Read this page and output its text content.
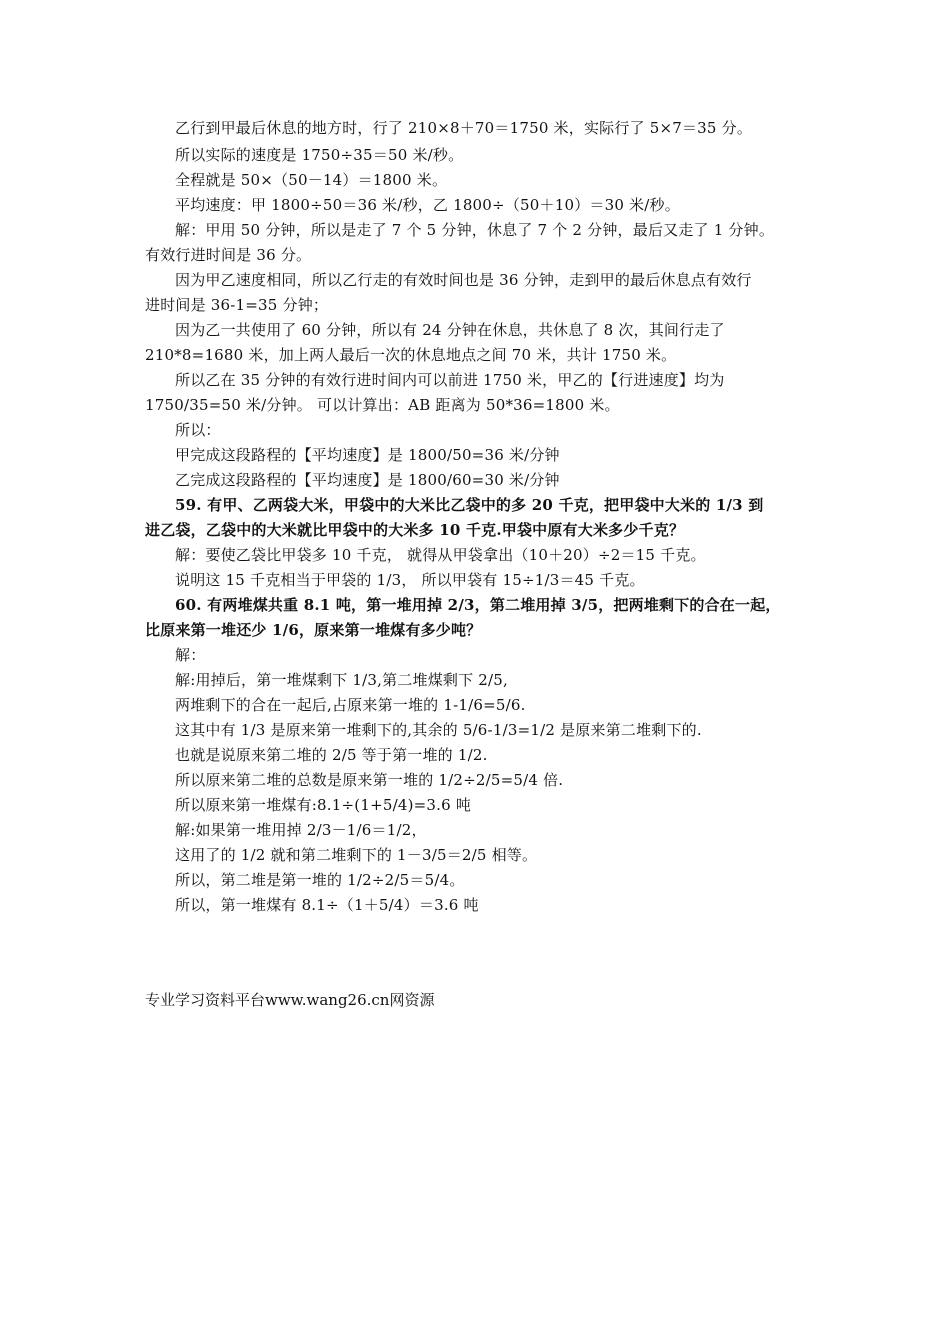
乙行到甲最后休息的地方时，行了 210×8＋70＝1750 米，实际行了 5×7＝35 分。
所以实际的速度是 1750÷35＝50 米/秒。
全程就是 50×（50－14）＝1800 米。
平均速度：甲 1800÷50＝36 米/秒，乙 1800÷（50＋10）＝30 米/秒。
解：甲用 50 分钟，所以是走了 7 个 5 分钟，休息了 7 个 2 分钟，最后又走了 1 分钟。
有效行进时间是 36 分。
因为甲乙速度相同，所以乙行走的有效时间也是 36 分钟，走到甲的最后休息点有效行
进时间是 36-1=35 分钟；
因为乙一共使用了 60 分钟，所以有 24 分钟在休息，共休息了 8 次，其间行走了
210*8=1680 米，加上两人最后一次的休息地点之间 70 米，共计 1750 米。
所以乙在 35 分钟的有效行进时间内可以前进 1750 米，甲乙的【行进速度】均为
1750/35=50 米/分钟。 可以计算出：AB 距离为 50*36=1800 米。
所以：
甲完成这段路程的【平均速度】是 1800/50=36 米/分钟
乙完成这段路程的【平均速度】是 1800/60=30 米/分钟
59. 有甲、乙两袋大米，甲袋中的大米比乙袋中的多 20 千克，把甲袋中大米的 1/3 到
进乙袋，乙袋中的大米就比甲袋中的大米多 10 千克.甲袋中原有大米多少千克？
解：要使乙袋比甲袋多 10 千克， 就得从甲袋拿出（10＋20）÷2＝15 千克。
说明这 15 千克相当于甲袋的 1/3， 所以甲袋有 15÷1/3＝45 千克。
60. 有两堆煤共重 8.1 吨，第一堆用掉 2/3，第二堆用掉 3/5，把两堆剩下的合在一起，
比原来第一堆还少 1/6，原来第一堆煤有多少吨？
解：
解:用掉后，第一堆煤剩下 1/3,第二堆煤剩下 2/5,
两堆剩下的合在一起后,占原来第一堆的 1-1/6=5/6.
这其中有 1/3 是原来第一堆剩下的,其余的 5/6-1/3=1/2 是原来第二堆剩下的.
也就是说原来第二堆的 2/5 等于第一堆的 1/2.
所以原来第二堆的总数是原来第一堆的 1/2÷2/5=5/4 倍.
所以原来第一堆煤有:8.1÷(1+5/4)=3.6 吨
解:如果第一堆用掉 2/3－1/6＝1/2，
这用了的 1/2 就和第二堆剩下的 1－3/5＝2/5 相等。
所以，第二堆是第一堆的 1/2÷2/5＝5/4。
所以，第一堆煤有 8.1÷（1＋5/4）＝3.6 吨
专业学习资料平台www.wang26.cn网资源
